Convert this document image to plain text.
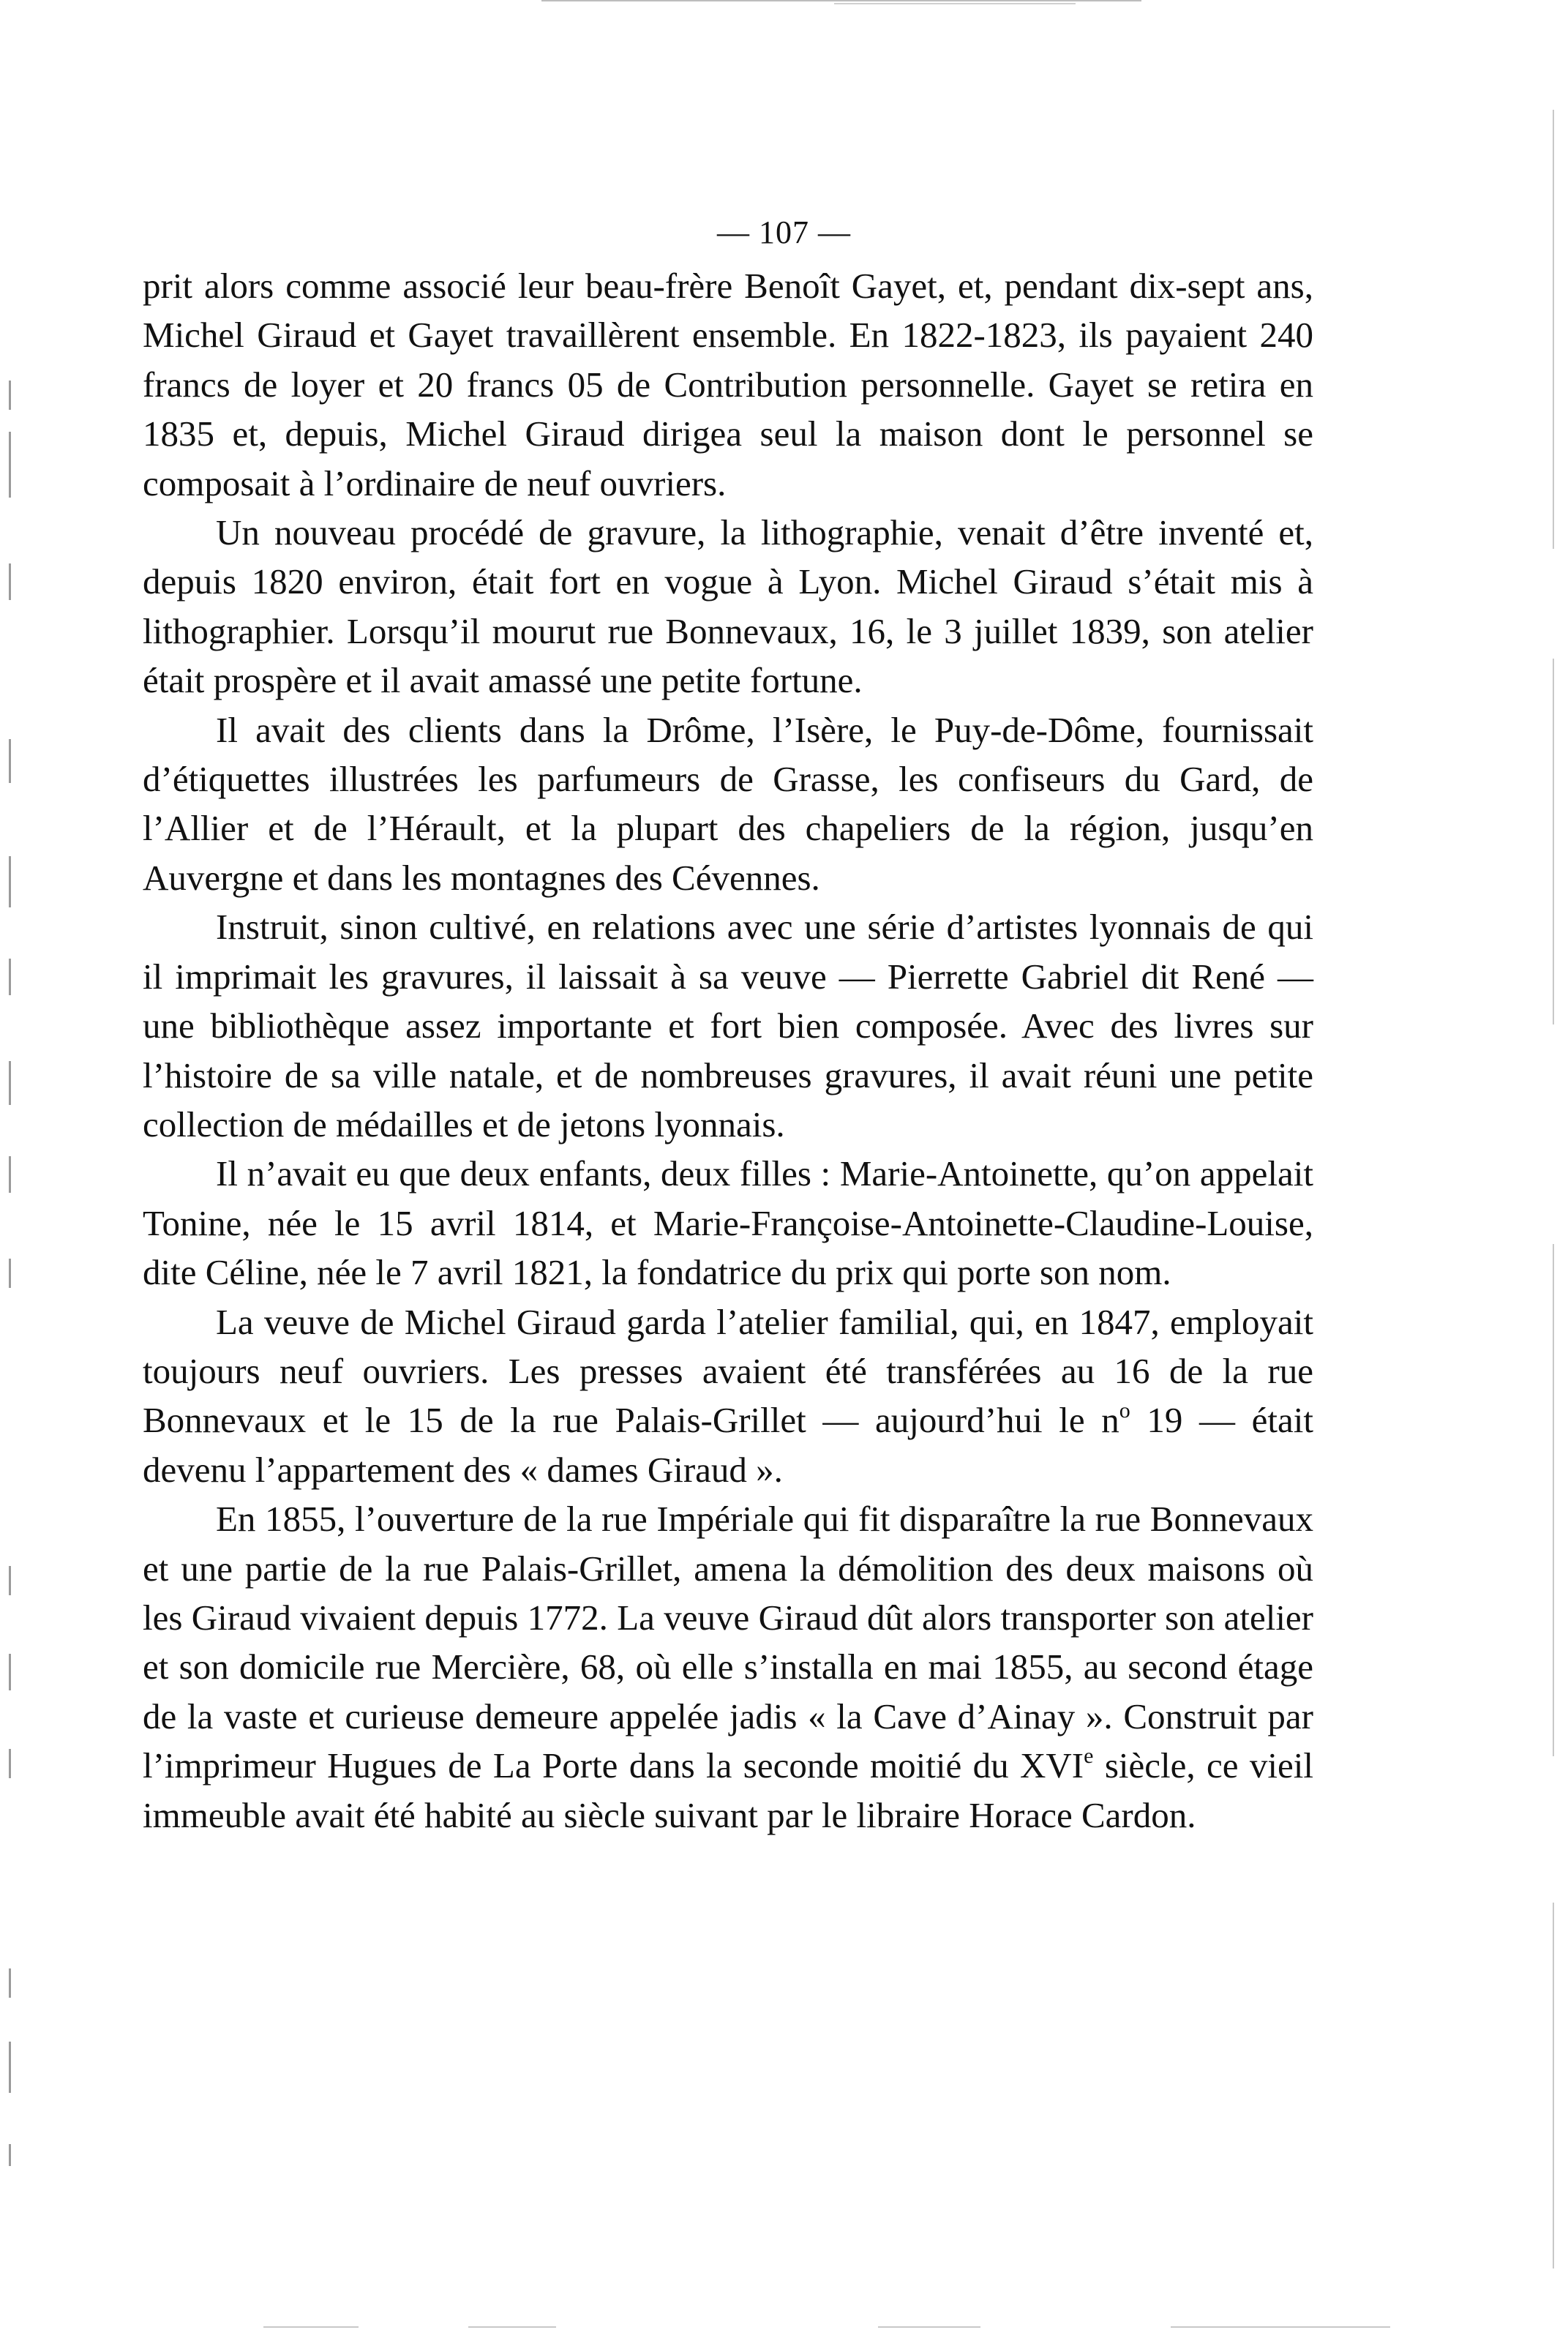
— 107 —

prit alors comme associé leur beau-frère Benoît Gayet, et, pendant dix-sept ans, Michel Giraud et Gayet travaillèrent ensemble. En 1822-1823, ils payaient 240 francs de loyer et 20 francs 05 de Contribution personnelle. Gayet se retira en 1835 et, depuis, Michel Giraud dirigea seul la maison dont le personnel se composait à l’ordinaire de neuf ouvriers.

Un nouveau procédé de gravure, la lithographie, venait d’être inventé et, depuis 1820 environ, était fort en vogue à Lyon. Michel Giraud s’était mis à lithographier. Lorsqu’il mourut rue Bonnevaux, 16, le 3 juillet 1839, son atelier était prospère et il avait amassé une petite fortune.

Il avait des clients dans la Drôme, l’Isère, le Puy-de-Dôme, fournissait d’étiquettes illustrées les parfumeurs de Grasse, les confiseurs du Gard, de l’Allier et de l’Hérault, et la plupart des chapeliers de la région, jusqu’en Auvergne et dans les montagnes des Cévennes.

Instruit, sinon cultivé, en relations avec une série d’artistes lyonnais de qui il imprimait les gravures, il laissait à sa veuve — Pierrette Gabriel dit René — une bibliothèque assez importante et fort bien composée. Avec des livres sur l’histoire de sa ville natale, et de nombreuses gravures, il avait réuni une petite collection de médailles et de jetons lyonnais.

Il n’avait eu que deux enfants, deux filles : Marie-Antoinette, qu’on appelait Tonine, née le 15 avril 1814, et Marie-Françoise-Antoinette-Claudine-Louise, dite Céline, née le 7 avril 1821, la fondatrice du prix qui porte son nom.

La veuve de Michel Giraud garda l’atelier familial, qui, en 1847, employait toujours neuf ouvriers. Les presses avaient été transférées au 16 de la rue Bonnevaux et le 15 de la rue Palais-Grillet — aujourd’hui le $n^o$ 19 — était devenu l’appartement des « dames Giraud ».

En 1855, l’ouverture de la rue Impériale qui fit disparaître la rue Bonnevaux et une partie de la rue Palais-Grillet, amena la démolition des deux maisons où les Giraud vivaient depuis 1772. La veuve Giraud dût alors transporter son atelier et son domicile rue Mercière, 68, où elle s’installa en mai 1855, au second étage de la vaste et curieuse demeure appelée jadis « la Cave d’Ainay ». Construit par l’imprimeur Hugues de La Porte dans la seconde moitié du XVIe siècle, ce vieil immeuble avait été habité au siècle suivant par le libraire Horace Cardon.
